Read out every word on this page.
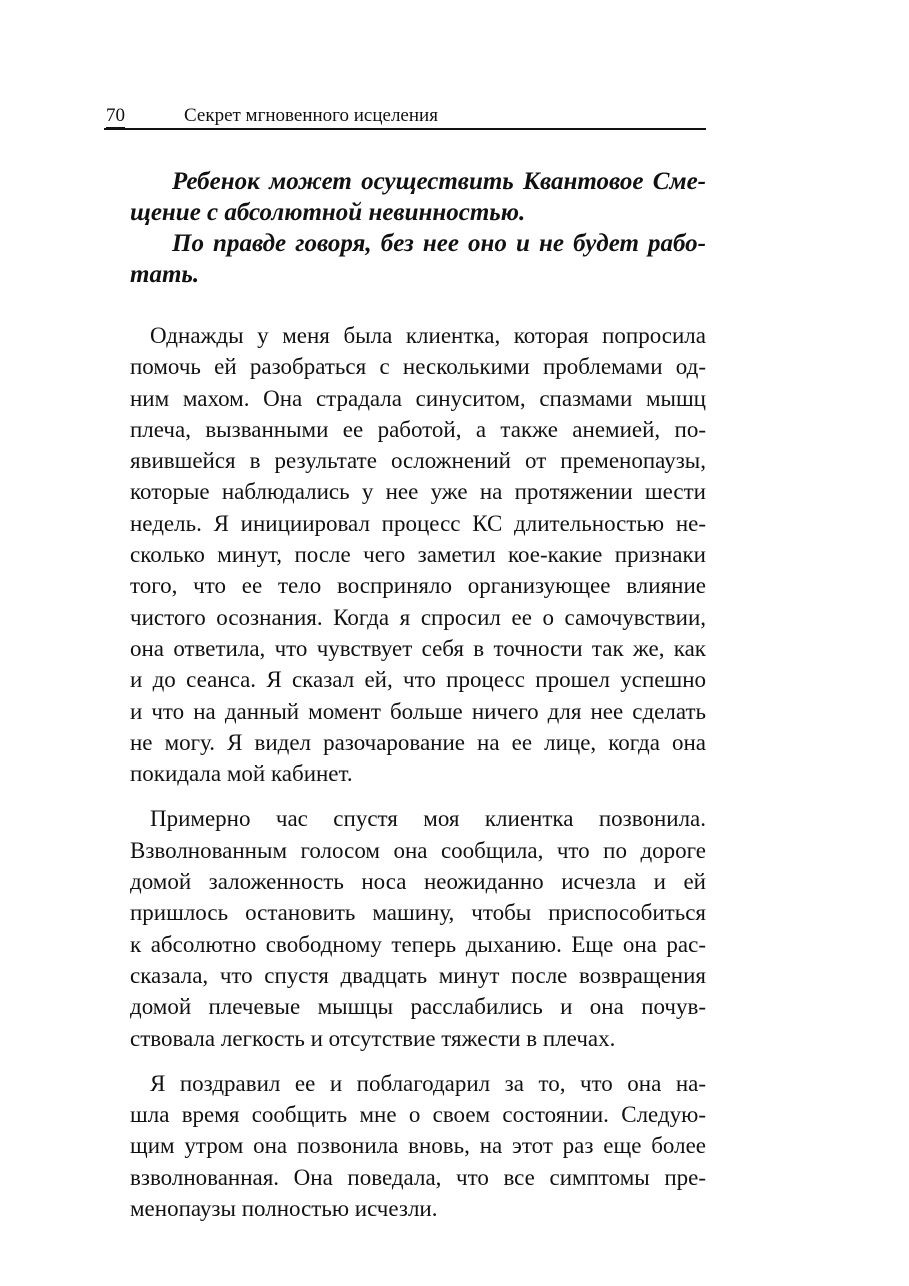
70	Секрет мгновенного исцеления
Ребенок может осуществить Квантовое Сме-
щение с абсолютной невинностью.
По правде говоря, без нее оно и не будет рабо-
тать.
Однажды у меня была клиентка, которая попросила
помочь ей разобраться с несколькими проблемами од-
ним махом. Она страдала синуситом, спазмами мышц
плеча, вызванными ее работой, а также анемией, по-
явившейся в результате осложнений от пременопаузы,
которые наблюдались у нее уже на протяжении шести
недель. Я инициировал процесс КС длительностью не-
сколько минут, после чего заметил кое-какие признаки
того, что ее тело восприняло организующее влияние
чистого осознания. Когда я спросил ее о самочувствии,
она ответила, что чувствует себя в точности так же, как
и до сеанса. Я сказал ей, что процесс прошел успешно
и что на данный момент больше ничего для нее сделать
не могу. Я видел разочарование на ее лице, когда она
покидала мой кабинет.
Примерно час спустя моя клиентка позвонила.
Взволнованным голосом она сообщила, что по дороге
домой заложенность носа неожиданно исчезла и ей
пришлось остановить машину, чтобы приспособиться
к абсолютно свободному теперь дыханию. Еще она рас-
сказала, что спустя двадцать минут после возвращения
домой плечевые мышцы расслабились и она почув-
ствовала легкость и отсутствие тяжести в плечах.
Я поздравил ее и поблагодарил за то, что она на-
шла время сообщить мне о своем состоянии. Следую-
щим утром она позвонила вновь, на этот раз еще более
взволнованная. Она поведала, что все симптомы пре-
менопаузы полностью исчезли.
